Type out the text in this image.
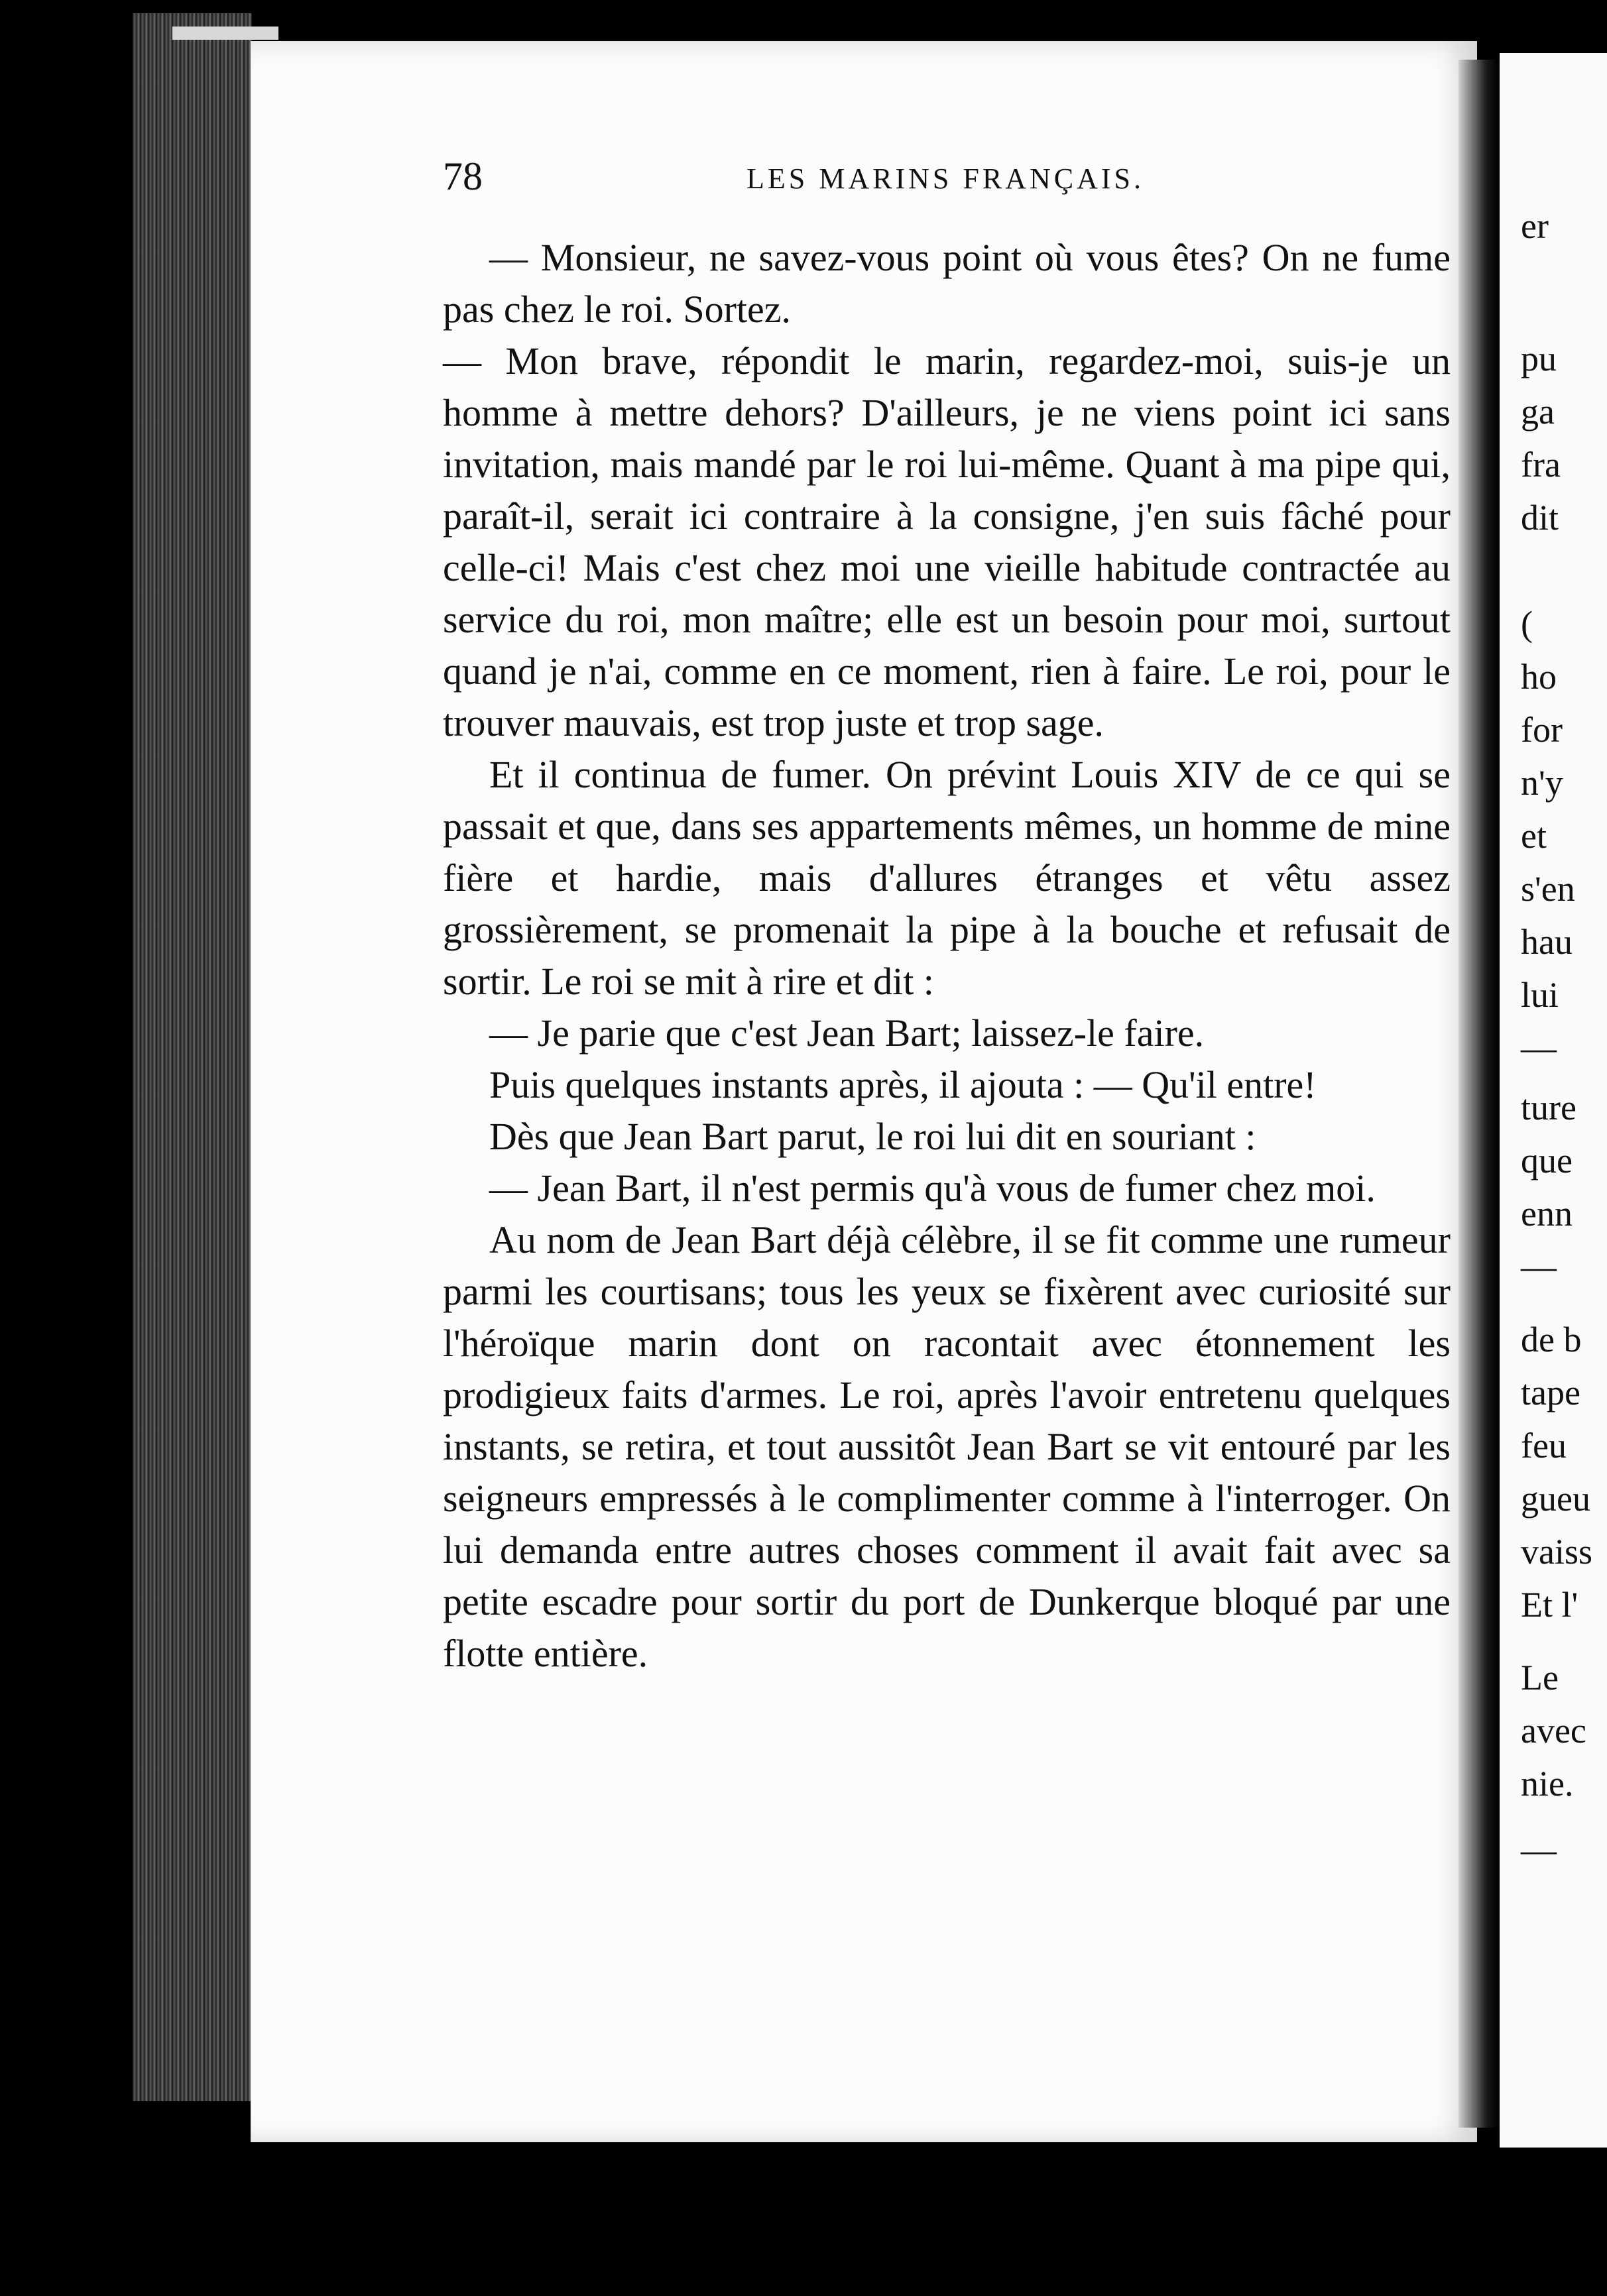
er
pu
ga
fra
dit
(
ho
for
n'y
et
s'en
hau
lui
—
ture
que
enn
—
de b
tape
feu
gueu
vaiss
Et l'
Le
avec
nie.
—
78	LES MARINS FRANÇAIS.

— Monsieur, ne savez-vous point où vous êtes? On ne fume pas chez le roi. Sortez.

— Mon brave, répondit le marin, regardez-moi, suis-je un homme à mettre dehors? D'ailleurs, je ne viens point ici sans invitation, mais mandé par le roi lui-même. Quant à ma pipe qui, paraît-il, serait ici contraire à la consigne, j'en suis fâché pour celle-ci! Mais c'est chez moi une vieille habitude contractée au service du roi, mon maître; elle est un besoin pour moi, surtout quand je n'ai, comme en ce moment, rien à faire. Le roi, pour le trouver mauvais, est trop juste et trop sage.

Et il continua de fumer. On prévint Louis XIV de ce qui se passait et que, dans ses appartements mêmes, un homme de mine fière et hardie, mais d'allures étranges et vêtu assez grossièrement, se promenait la pipe à la bouche et refusait de sortir. Le roi se mit à rire et dit :

— Je parie que c'est Jean Bart; laissez-le faire.

Puis quelques instants après, il ajouta : — Qu'il entre!

Dès que Jean Bart parut, le roi lui dit en souriant :

— Jean Bart, il n'est permis qu'à vous de fumer chez moi.

Au nom de Jean Bart déjà célèbre, il se fit comme une rumeur parmi les courtisans; tous les yeux se fixèrent avec curiosité sur l'héroïque marin dont on racontait avec étonnement les prodigieux faits d'armes. Le roi, après l'avoir entretenu quelques instants, se retira, et tout aussitôt Jean Bart se vit entouré par les seigneurs empressés à le complimenter comme à l'interroger. On lui demanda entre autres choses comment il avait fait avec sa petite escadre pour sortir du port de Dunkerque bloqué par une flotte entière.
